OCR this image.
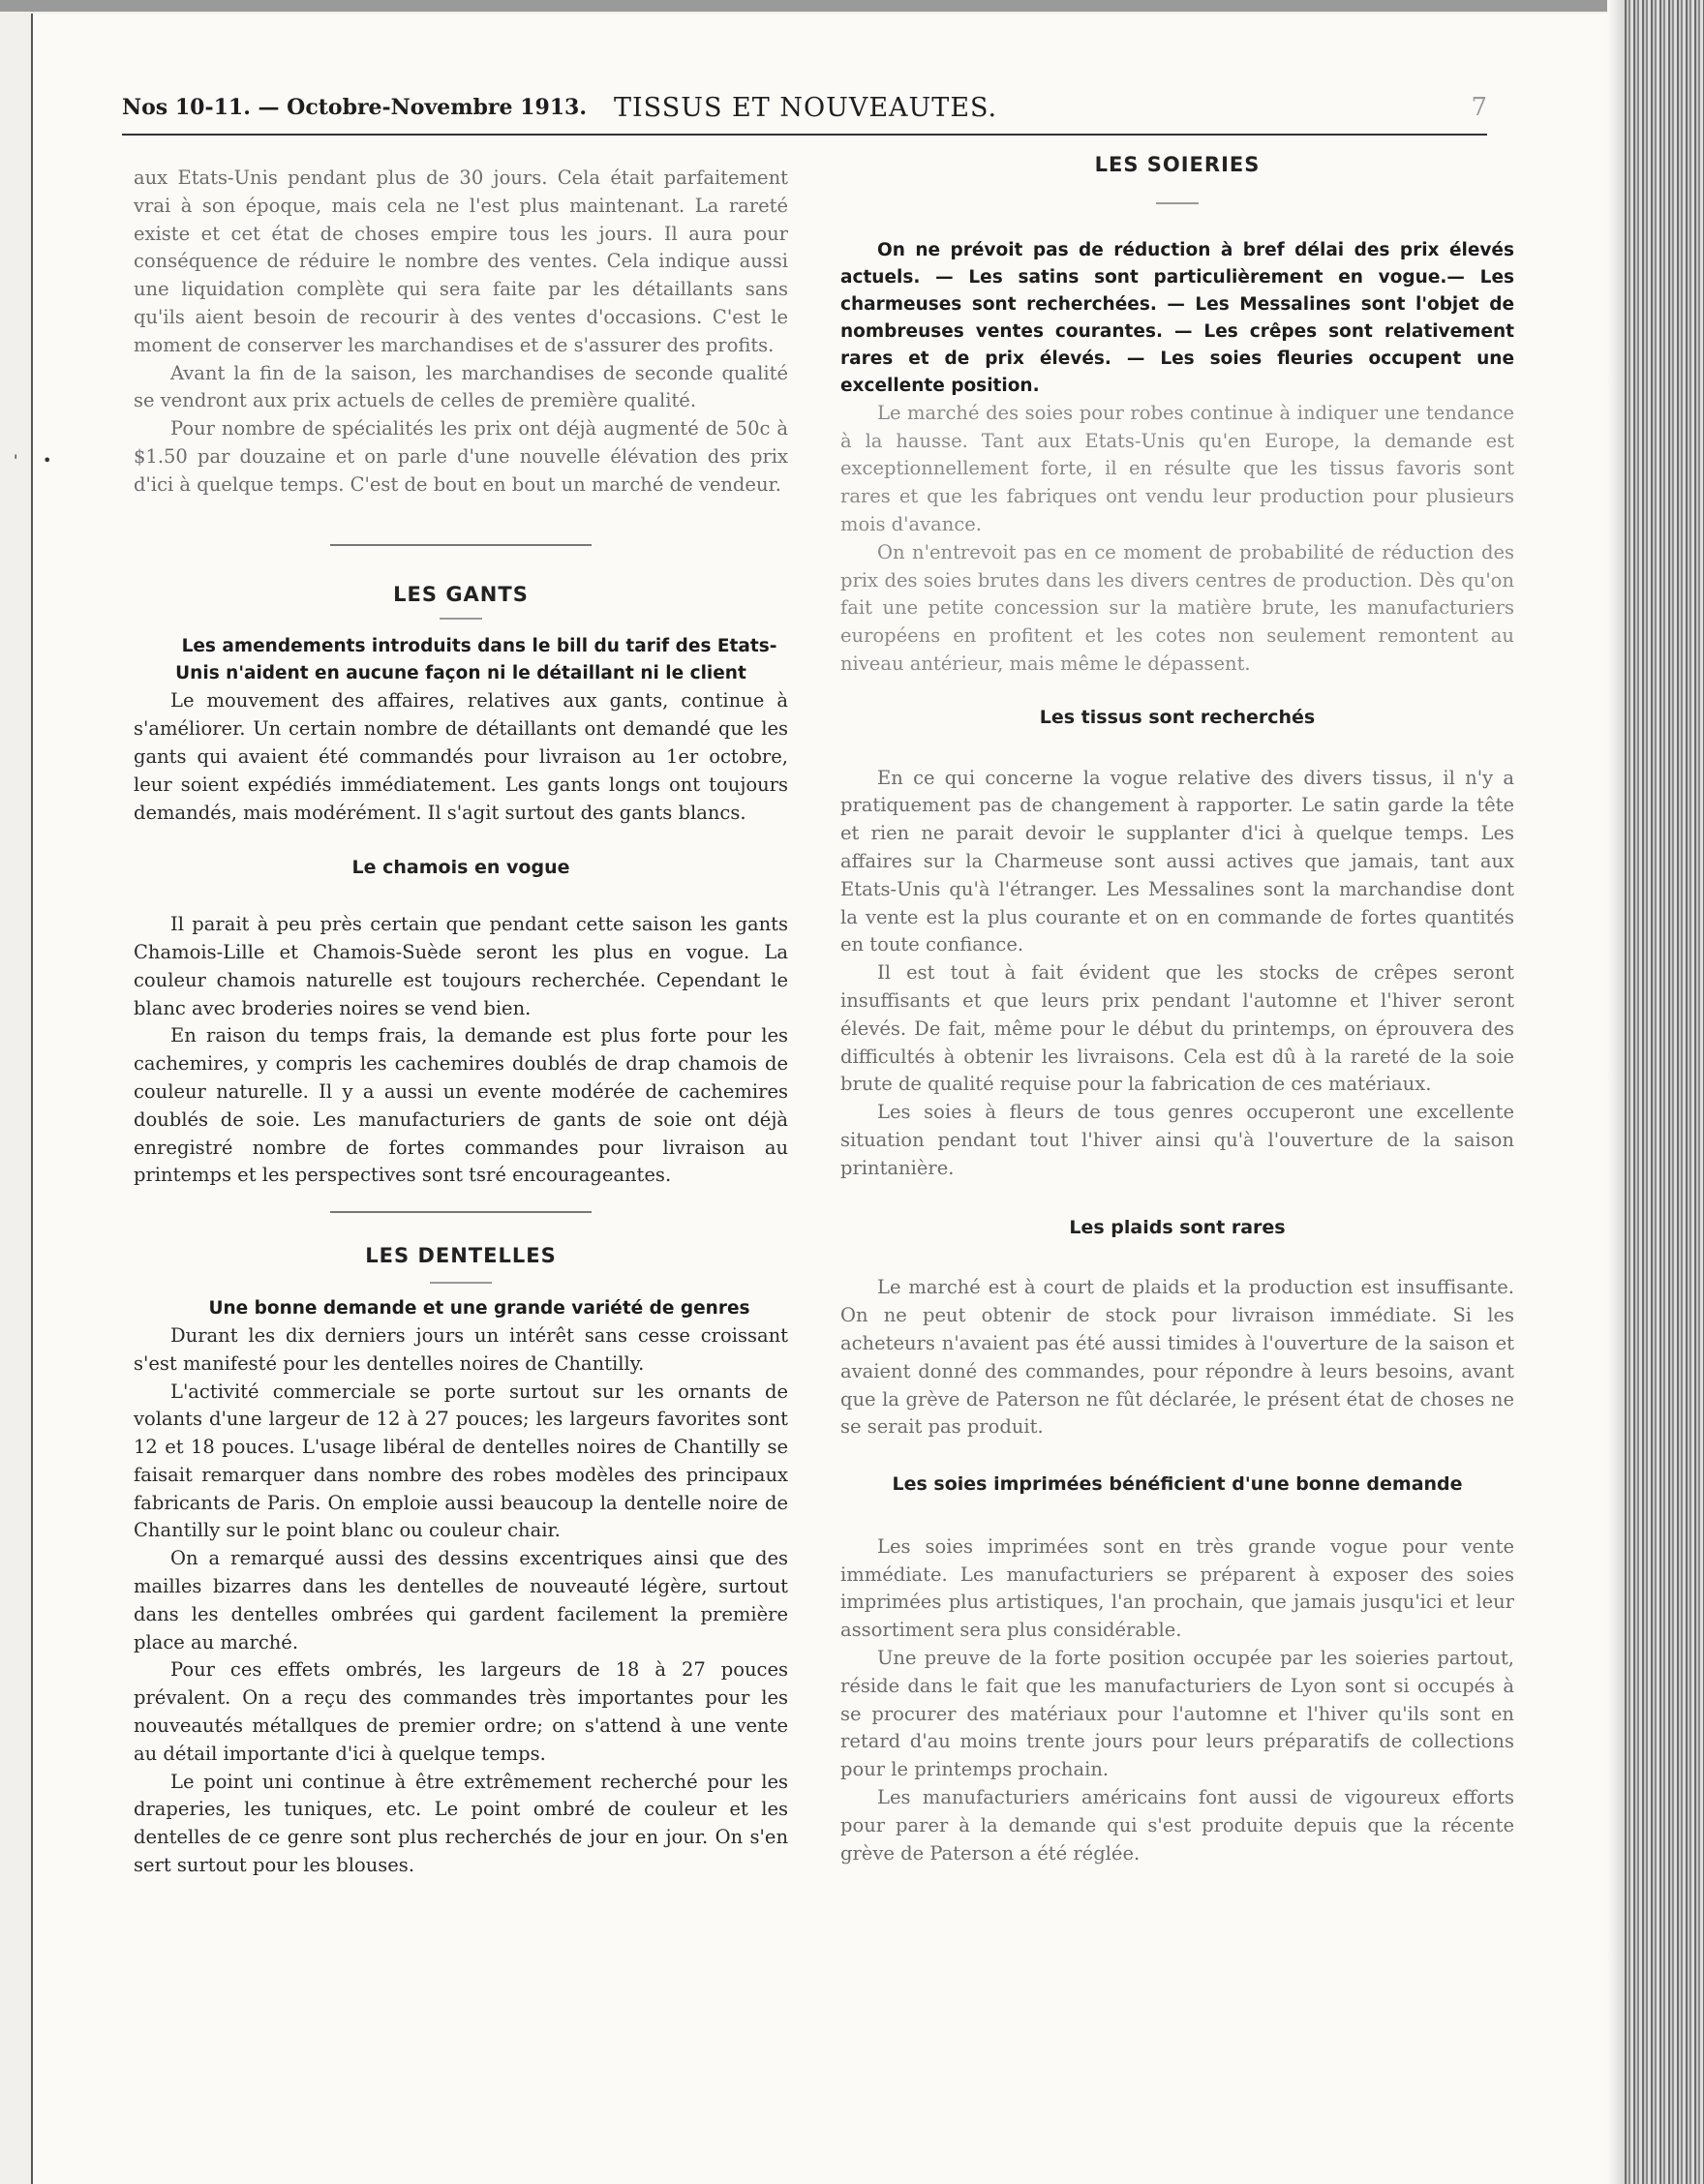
' •
Nos 10-11. — Octobre-Novembre 1913. TISSUS ET NOUVEAUTES.	7

aux Etats-Unis pendant plus de 30 jours. Cela était parfaitement vrai à son époque, mais cela ne l'est plus maintenant. La rareté existe et cet état de choses empire tous les jours. Il aura pour conséquence de réduire le nombre des ventes. Cela indique aussi une liquidation complète qui sera faite par les détaillants sans qu'ils aient besoin de recourir à des ventes d'occasions. C'est le moment de conserver les marchandises et de s'assurer des profits.

Avant la fin de la saison, les marchandises de seconde qualité se vendront aux prix actuels de celles de première qualité.

Pour nombre de spécialités les prix ont déjà augmenté de 50c à $1.50 par douzaine et on parle d'une nouvelle élévation des prix d'ici à quelque temps. C'est de bout en bout un marché de vendeur.

LES GANTS

Les amendements introduits dans le bill du tarif des Etats-Unis n'aident en aucune façon ni le détaillant ni le client

Le mouvement des affaires, relatives aux gants, continue à s'améliorer. Un certain nombre de détaillants ont demandé que les gants qui avaient été commandés pour livraison au 1er octobre, leur soient expédiés immédiatement. Les gants longs ont toujours demandés, mais modérément. Il s'agit surtout des gants blancs.

Le chamois en vogue

Il parait à peu près certain que pendant cette saison les gants Chamois-Lille et Chamois-Suède seront les plus en vogue. La couleur chamois naturelle est toujours recherchée. Cependant le blanc avec broderies noires se vend bien.

En raison du temps frais, la demande est plus forte pour les cachemires, y compris les cachemires doublés de drap chamois de couleur naturelle. Il y a aussi un evente modérée de cachemires doublés de soie. Les manufacturiers de gants de soie ont déjà enregistré nombre de fortes commandes pour livraison au printemps et les perspectives sont tsré encourageantes.

LES DENTELLES

Une bonne demande et une grande variété de genres

Durant les dix derniers jours un intérêt sans cesse croissant s'est manifesté pour les dentelles noires de Chantilly.

L'activité commerciale se porte surtout sur les ornants de volants d'une largeur de 12 à 27 pouces; les largeurs favorites sont 12 et 18 pouces. L'usage libéral de dentelles noires de Chantilly se faisait remarquer dans nombre des robes modèles des principaux fabricants de Paris. On emploie aussi beaucoup la dentelle noire de Chantilly sur le point blanc ou couleur chair.

On a remarqué aussi des dessins excentriques ainsi que des mailles bizarres dans les dentelles de nouveauté légère, surtout dans les dentelles ombrées qui gardent facilement la première place au marché.

Pour ces effets ombrés, les largeurs de 18 à 27 pouces prévalent. On a reçu des commandes très importantes pour les nouveautés métallques de premier ordre; on s'attend à une vente au détail importante d'ici à quelque temps.

Le point uni continue à être extrêmement recherché pour les draperies, les tuniques, etc. Le point ombré de couleur et les dentelles de ce genre sont plus recherchés de jour en jour. On s'en sert surtout pour les blouses.

LES SOIERIES

On ne prévoit pas de réduction à bref délai des prix élevés actuels. — Les satins sont particulièrement en vogue.— Les charmeuses sont recherchées. — Les Messalines sont l'objet de nombreuses ventes courantes. — Les crêpes sont relativement rares et de prix élevés. — Les soies fleuries occupent une excellente position.

Le marché des soies pour robes continue à indiquer une tendance à la hausse. Tant aux Etats-Unis qu'en Europe, la demande est exceptionnellement forte, il en résulte que les tissus favoris sont rares et que les fabriques ont vendu leur production pour plusieurs mois d'avance.

On n'entrevoit pas en ce moment de probabilité de réduction des prix des soies brutes dans les divers centres de production. Dès qu'on fait une petite concession sur la matière brute, les manufacturiers européens en profitent et les cotes non seulement remontent au niveau antérieur, mais même le dépassent.

Les tissus sont recherchés

En ce qui concerne la vogue relative des divers tissus, il n'y a pratiquement pas de changement à rapporter. Le satin garde la tête et rien ne parait devoir le supplanter d'ici à quelque temps. Les affaires sur la Charmeuse sont aussi actives que jamais, tant aux Etats-Unis qu'à l'étranger. Les Messalines sont la marchandise dont la vente est la plus courante et on en commande de fortes quantités en toute confiance.

Il est tout à fait évident que les stocks de crêpes seront insuffisants et que leurs prix pendant l'automne et l'hiver seront élevés. De fait, même pour le début du printemps, on éprouvera des difficultés à obtenir les livraisons. Cela est dû à la rareté de la soie brute de qualité requise pour la fabrication de ces matériaux.

Les soies à fleurs de tous genres occuperont une excellente situation pendant tout l'hiver ainsi qu'à l'ouverture de la saison printanière.

Les plaids sont rares

Le marché est à court de plaids et la production est insuffisante. On ne peut obtenir de stock pour livraison immédiate. Si les acheteurs n'avaient pas été aussi timides à l'ouverture de la saison et avaient donné des commandes, pour répondre à leurs besoins, avant que la grève de Paterson ne fût déclarée, le présent état de choses ne se serait pas produit.

Les soies imprimées bénéficient d'une bonne demande

Les soies imprimées sont en très grande vogue pour vente immédiate. Les manufacturiers se préparent à exposer des soies imprimées plus artistiques, l'an prochain, que jamais jusqu'ici et leur assortiment sera plus considérable.

Une preuve de la forte position occupée par les soieries partout, réside dans le fait que les manufacturiers de Lyon sont si occupés à se procurer des matériaux pour l'automne et l'hiver qu'ils sont en retard d'au moins trente jours pour leurs préparatifs de collections pour le printemps prochain.

Les manufacturiers américains font aussi de vigoureux efforts pour parer à la demande qui s'est produite depuis que la récente grève de Paterson a été réglée.
